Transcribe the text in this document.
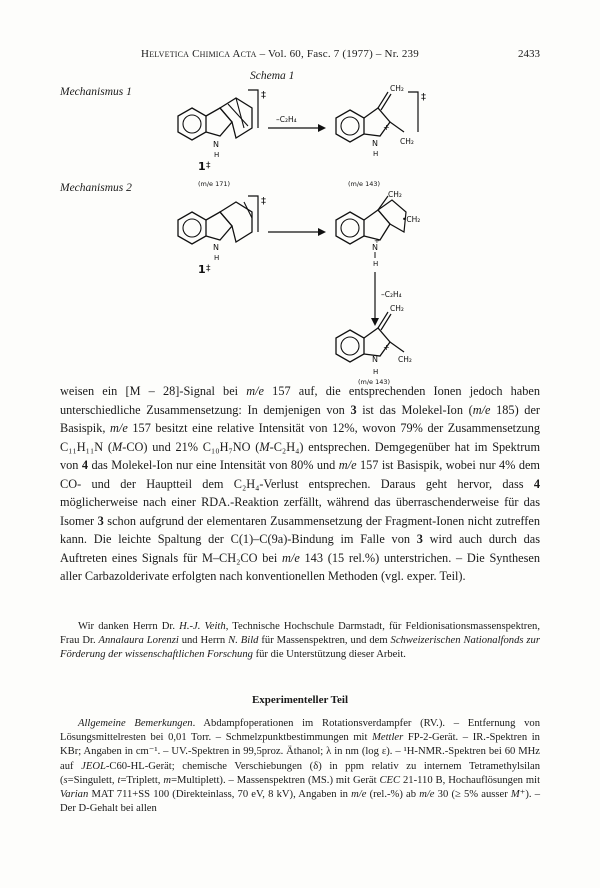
Helvetica Chimica Acta – Vol. 60, Fasc. 7 (1977) – Nr. 239	2433
Schema 1
Mechanismus 1
Mechanismus 2
N
H
‡
1 ‡
(m/e 171)
–C₂H₄
CH₂
CH₂
N
H
+
‡
(m/e 143)
N
H
‡
1 ‡
CH₂
•CH₂
N
+
H
–C₂H₄
CH₂
CH₂
N
+
H
(m/e 143)

weisen ein [M – 28]-Signal bei m/e 157 auf, die entsprechenden Ionen jedoch haben unterschiedliche Zusammensetzung: In demjenigen von 3 ist das Molekel-Ion (m/e 185) der Basispik, m/e 157 besitzt eine relative Intensität von 12%, wovon 79% der Zusammensetzung C₁₁H₁₁N (M-CO) und 21% C₁₀H₇NO (M-C₂H₄) entsprechen. Demgegenüber hat im Spektrum von 4 das Molekel-Ion nur eine Intensität von 80% und m/e 157 ist Basispik, wobei nur 4% dem CO- und der Hauptteil dem C₂H₄-Verlust entsprechen. Daraus geht hervor, dass 4 möglicherweise nach einer RDA.-Reaktion zerfällt, während das überraschenderweise für das Isomer 3 schon aufgrund der elementaren Zusammensetzung der Fragment-Ionen nicht zutreffen kann. Die leichte Spaltung der C(1)–C(9a)-Bindung im Falle von 3 wird auch durch das Auftreten eines Signals für M–CH₂CO bei m/e 143 (15 rel.%) unterstrichen. – Die Synthesen aller Carbazolderivate erfolgten nach konventionellen Methoden (vgl. exper. Teil).

Wir danken Herrn Dr. H.-J. Veith, Technische Hochschule Darmstadt, für Feldionisationsmassenspektren, Frau Dr. Annalaura Lorenzi und Herrn N. Bild für Massenspektren, und dem Schweizerischen Nationalfonds zur Förderung der wissenschaftlichen Forschung für die Unterstützung dieser Arbeit.

Experimenteller Teil

Allgemeine Bemerkungen. Abdampfoperationen im Rotationsverdampfer (RV.). – Entfernung von Lösungsmittelresten bei 0,01 Torr. – Schmelzpunktbestimmungen mit Mettler FP-2-Gerät. – IR.-Spektren in KBr; Angaben in cm⁻¹. – UV.-Spektren in 99,5proz. Äthanol; λ in nm (log ε). – ¹H-NMR.-Spektren bei 60 MHz auf JEOL-C60-HL-Gerät; chemische Verschiebungen (δ) in ppm relativ zu internem Tetramethylsilan (s=Singulett, t=Triplett, m=Multiplett). – Massenspektren (MS.) mit Gerät CEC 21-110 B, Hochauflösungen mit Varian MAT 711+SS 100 (Direkteinlass, 70 eV, 8 kV), Angaben in m/e (rel.-%) ab m/e 30 (≥ 5% ausser M⁺). – Der D-Gehalt bei allen
